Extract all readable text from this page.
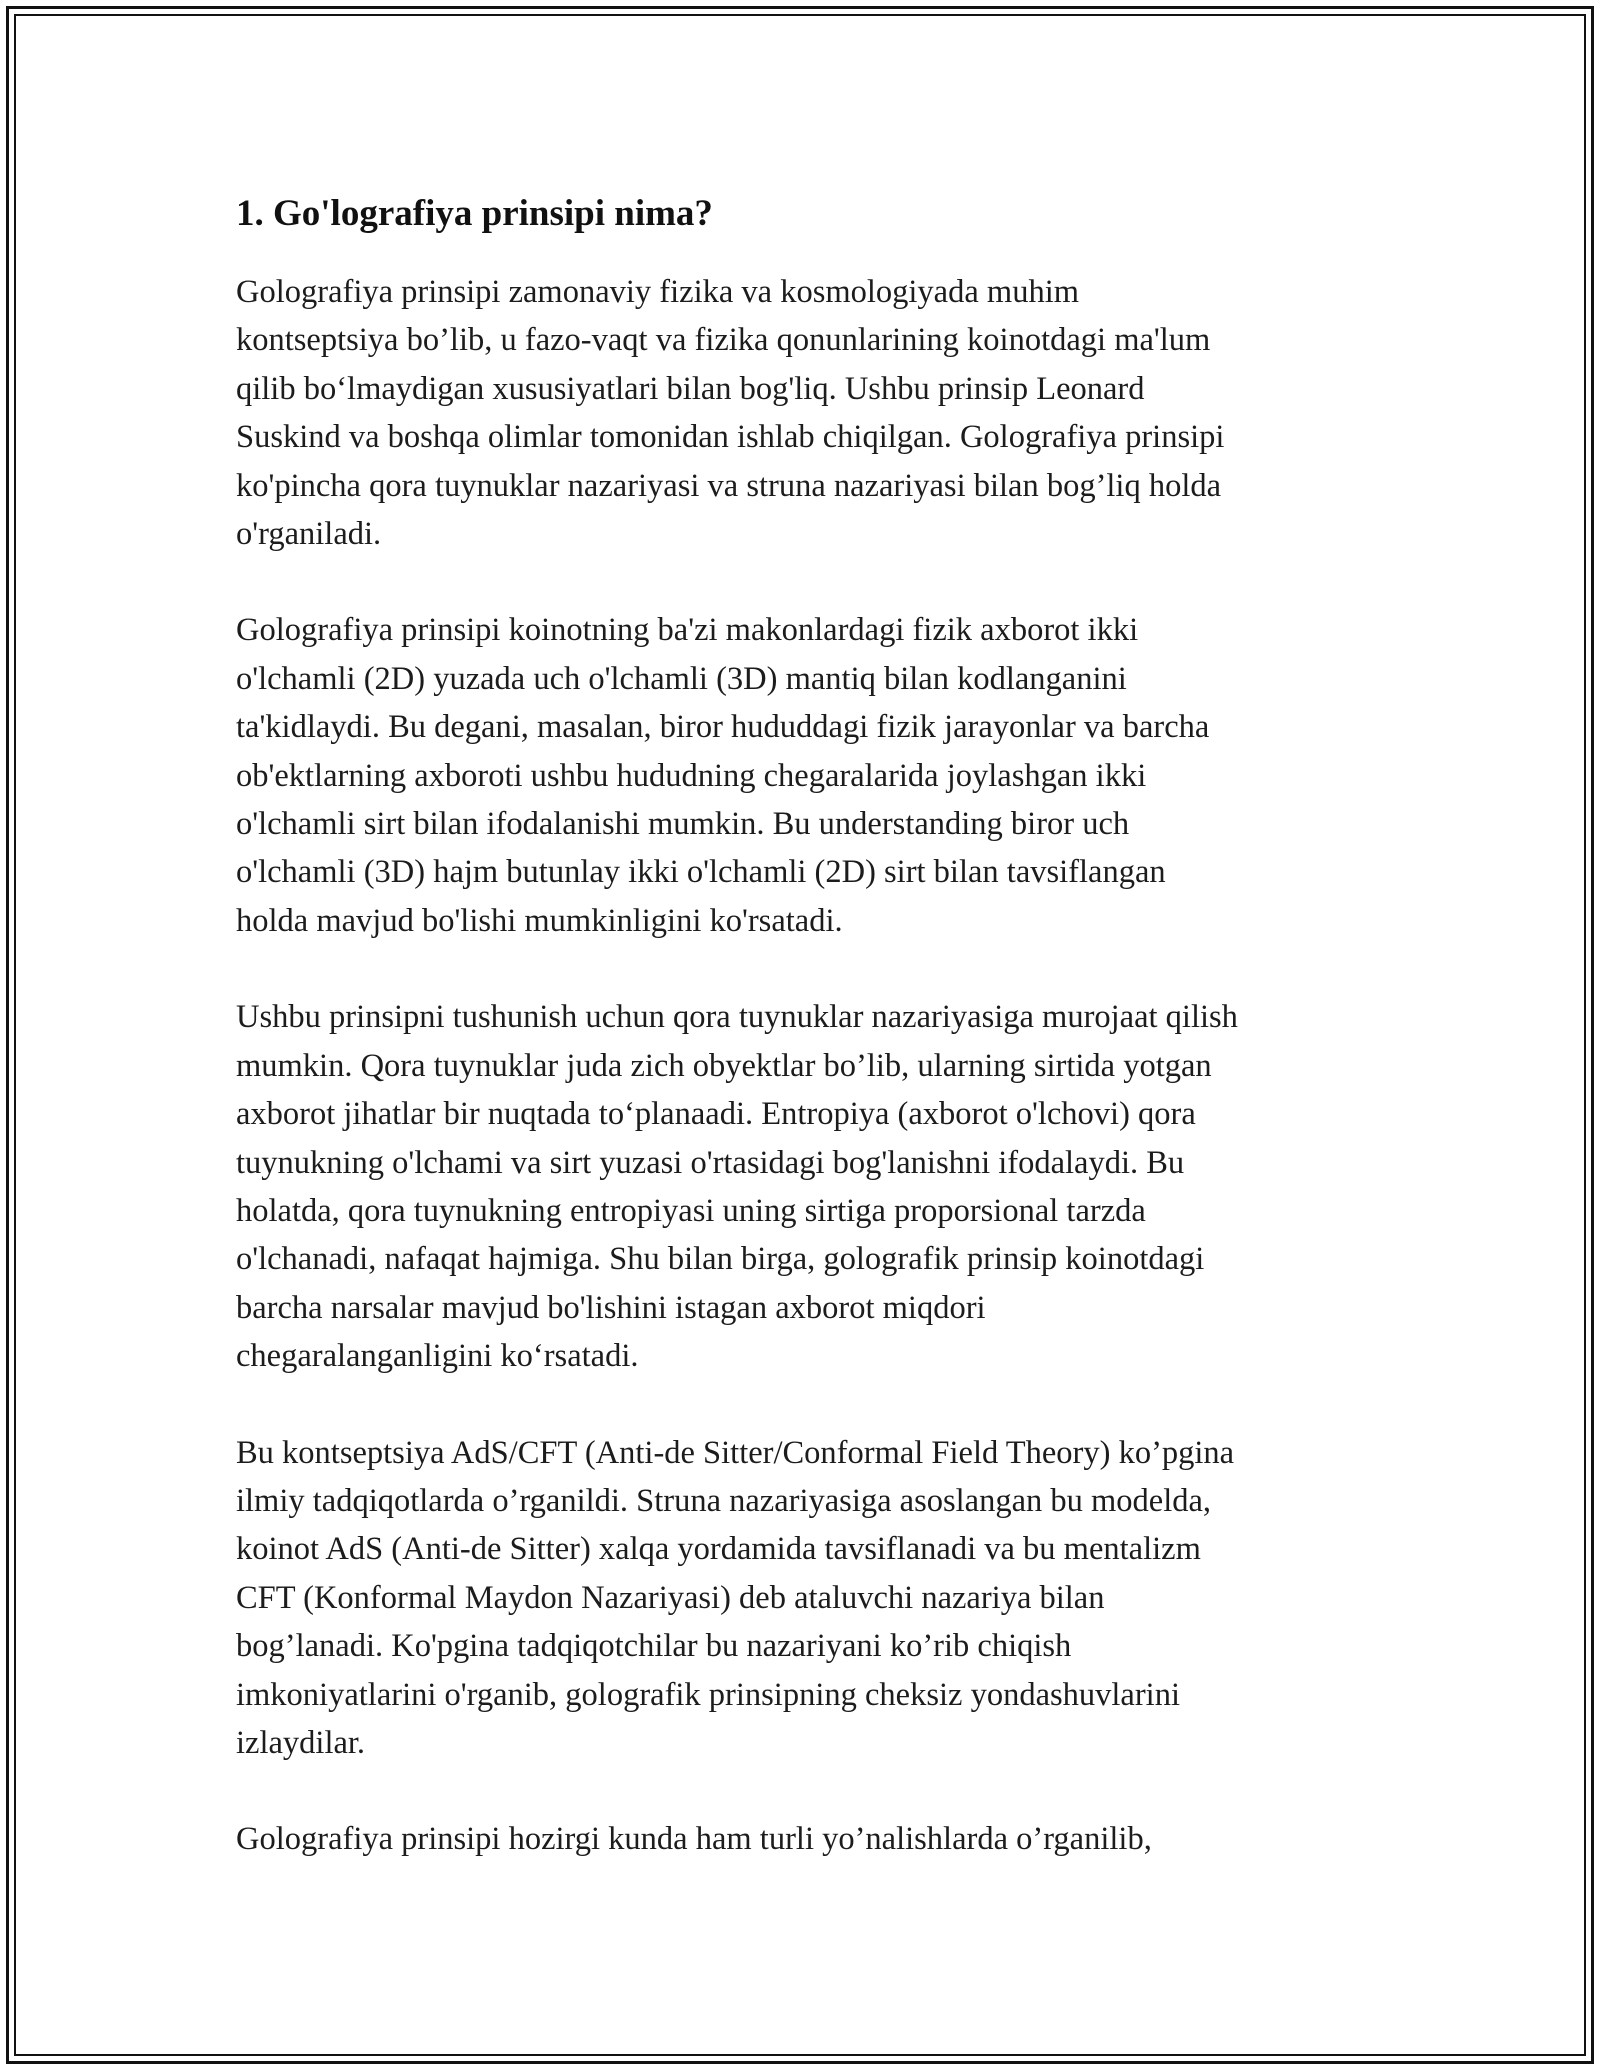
1. Go'lografiya prinsipi nima?

Golografiya prinsipi zamonaviy fizika va kosmologiyada muhim
kontseptsiya bo’lib, u fazo-vaqt va fizika qonunlarining koinotdagi ma'lum
qilib bo‘lmaydigan xususiyatlari bilan bog'liq. Ushbu prinsip Leonard
Suskind va boshqa olimlar tomonidan ishlab chiqilgan. Golografiya prinsipi
ko'pincha qora tuynuklar nazariyasi va struna nazariyasi bilan bog’liq holda
o'rganiladi.

Golografiya prinsipi koinotning ba'zi makonlardagi fizik axborot ikki
o'lchamli (2D) yuzada uch o'lchamli (3D) mantiq bilan kodlanganini
ta'kidlaydi. Bu degani, masalan, biror hududdagi fizik jarayonlar va barcha
ob'ektlarning axboroti ushbu hududning chegaralarida joylashgan ikki
o'lchamli sirt bilan ifodalanishi mumkin. Bu understanding biror uch
o'lchamli (3D) hajm butunlay ikki o'lchamli (2D) sirt bilan tavsiflangan
holda mavjud bo'lishi mumkinligini ko'rsatadi.

Ushbu prinsipni tushunish uchun qora tuynuklar nazariyasiga murojaat qilish
mumkin. Qora tuynuklar juda zich obyektlar bo’lib, ularning sirtida yotgan
axborot jihatlar bir nuqtada to‘planaadi. Entropiya (axborot o'lchovi) qora
tuynukning o'lchami va sirt yuzasi o'rtasidagi bog'lanishni ifodalaydi. Bu
holatda, qora tuynukning entropiyasi uning sirtiga proporsional tarzda
o'lchanadi, nafaqat hajmiga. Shu bilan birga, golografik prinsip koinotdagi
barcha narsalar mavjud bo'lishini istagan axborot miqdori
chegaralanganligini ko‘rsatadi.

Bu kontseptsiya AdS/CFT (Anti-de Sitter/Conformal Field Theory) ko’pgina
ilmiy tadqiqotlarda o’rganildi. Struna nazariyasiga asoslangan bu modelda,
koinot AdS (Anti-de Sitter) xalqa yordamida tavsiflanadi va bu mentalizm
CFT (Konformal Maydon Nazariyasi) deb ataluvchi nazariya bilan
bog’lanadi. Ko'pgina tadqiqotchilar bu nazariyani ko’rib chiqish
imkoniyatlarini o'rganib, golografik prinsipning cheksiz yondashuvlarini
izlaydilar.

Golografiya prinsipi hozirgi kunda ham turli yo’nalishlarda o’rganilib,
